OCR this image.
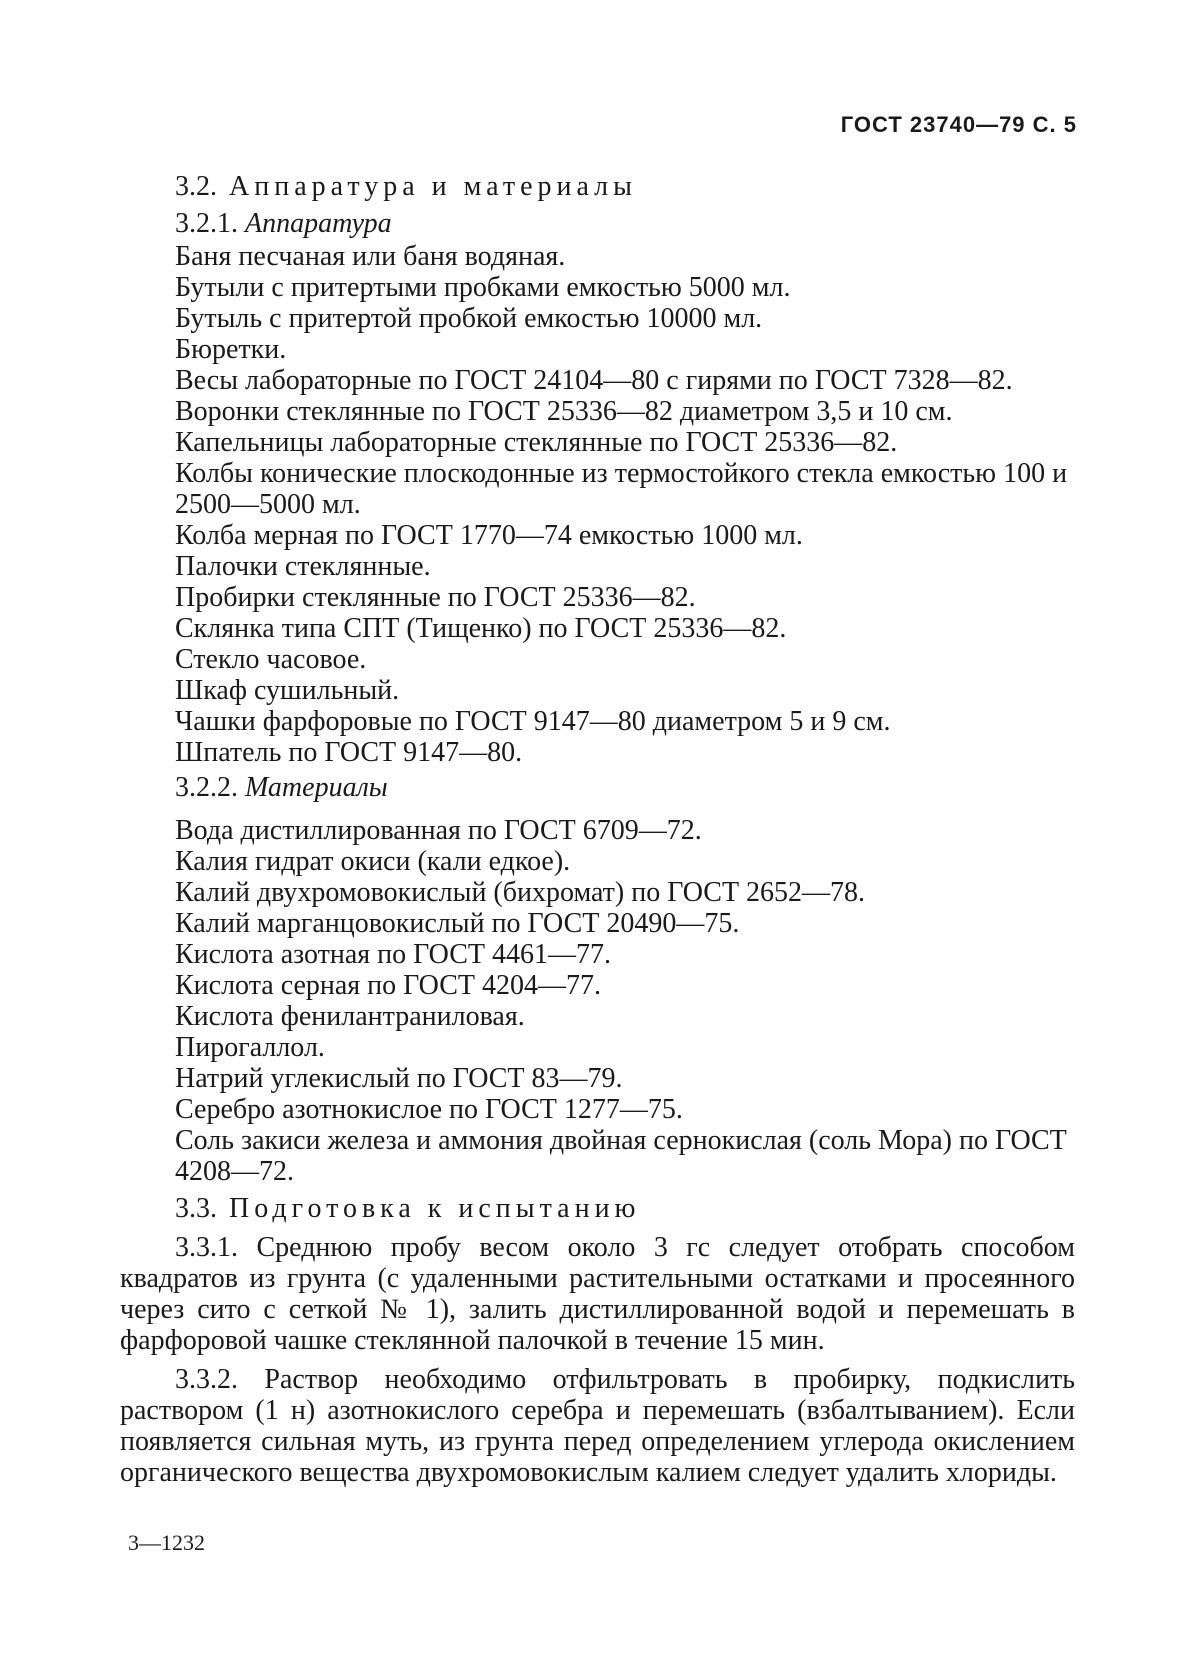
ГОСТ 23740—79 С. 5
3.2. Аппаратура и материалы
3.2.1. Аппаратура
Баня песчаная или баня водяная.
Бутыли с притертыми пробками емкостью 5000 мл.
Бутыль с притертой пробкой емкостью 10000 мл.
Бюретки.
Весы лабораторные по ГОСТ 24104—80 с гирями по ГОСТ 7328—82.
Воронки стеклянные по ГОСТ 25336—82 диаметром 3,5 и 10 см.
Капельницы лабораторные стеклянные по ГОСТ 25336—82.
Колбы конические плоскодонные из термостойкого стекла емкостью 100 и 2500—5000 мл.
Колба мерная по ГОСТ 1770—74 емкостью 1000 мл.
Палочки стеклянные.
Пробирки стеклянные по ГОСТ 25336—82.
Склянка типа СПТ (Тищенко) по ГОСТ 25336—82.
Стекло часовое.
Шкаф сушильный.
Чашки фарфоровые по ГОСТ 9147—80 диаметром 5 и 9 см.
Шпатель по ГОСТ 9147—80.
3.2.2. Материалы
Вода дистиллированная по ГОСТ 6709—72.
Калия гидрат окиси (кали едкое).
Калий двухромовокислый (бихромат) по ГОСТ 2652—78.
Калий марганцовокислый по ГОСТ 20490—75.
Кислота азотная по ГОСТ 4461—77.
Кислота серная по ГОСТ 4204—77.
Кислота фенилантраниловая.
Пирогаллол.
Натрий углекислый по ГОСТ 83—79.
Серебро азотнокислое по ГОСТ 1277—75.
Соль закиси железа и аммония двойная сернокислая (соль Мора) по ГОСТ 4208—72.
3.3. Подготовка к испытанию
3.3.1. Среднюю пробу весом около 3 гс следует отобрать способом квадратов из грунта (с удаленными растительными остатками и просеянного через сито с сеткой № 1), залить дистиллированной водой и перемешать в фарфоровой чашке стеклянной палочкой в течение 15 мин.
3.3.2. Раствор необходимо отфильтровать в пробирку, подкислить раствором (1 н) азотнокислого серебра и перемешать (взбалтыванием). Если появляется сильная муть, из грунта перед определением углерода окислением органического вещества двухромовокислым калием следует удалить хлориды.
3—1232
